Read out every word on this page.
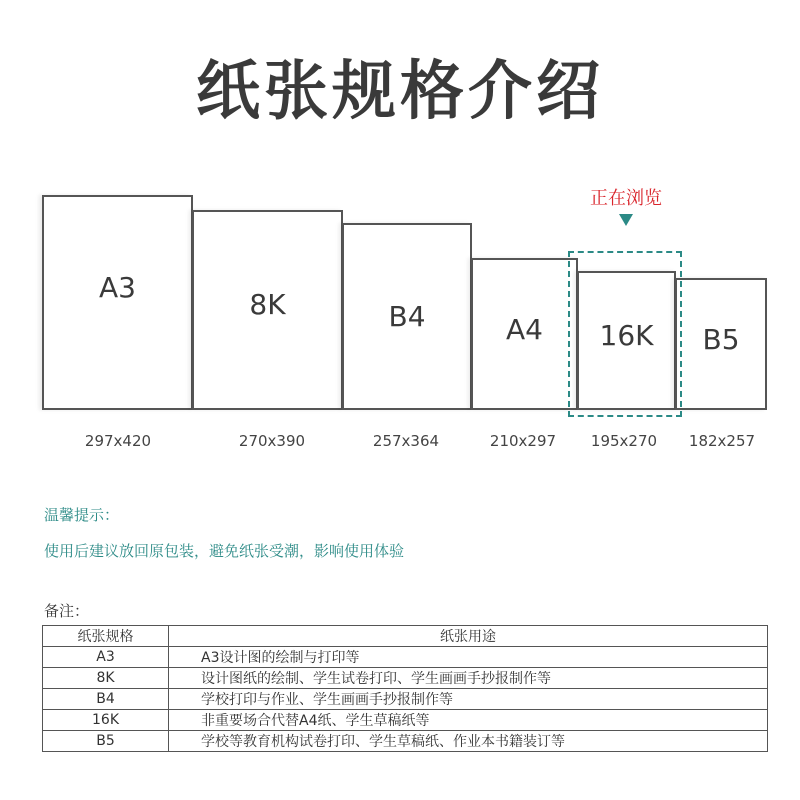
纸张规格介绍
A3	8K	B4	A4 16K B5
正在浏览
297x420	270x390	257x364	210x297	195x270	182x257
温馨提示：
使用后建议放回原包装，避免纸张受潮，影响使用体验
备注：
纸张规格	纸张用途
A3	A3设计图的绘制与打印等
8K	设计图纸的绘制、学生试卷打印、学生画画手抄报制作等
B4	学校打印与作业、学生画画手抄报制作等
16K	非重要场合代替A4纸、学生草稿纸等
B5	学校等教育机构试卷打印、学生草稿纸、作业本书籍装订等
